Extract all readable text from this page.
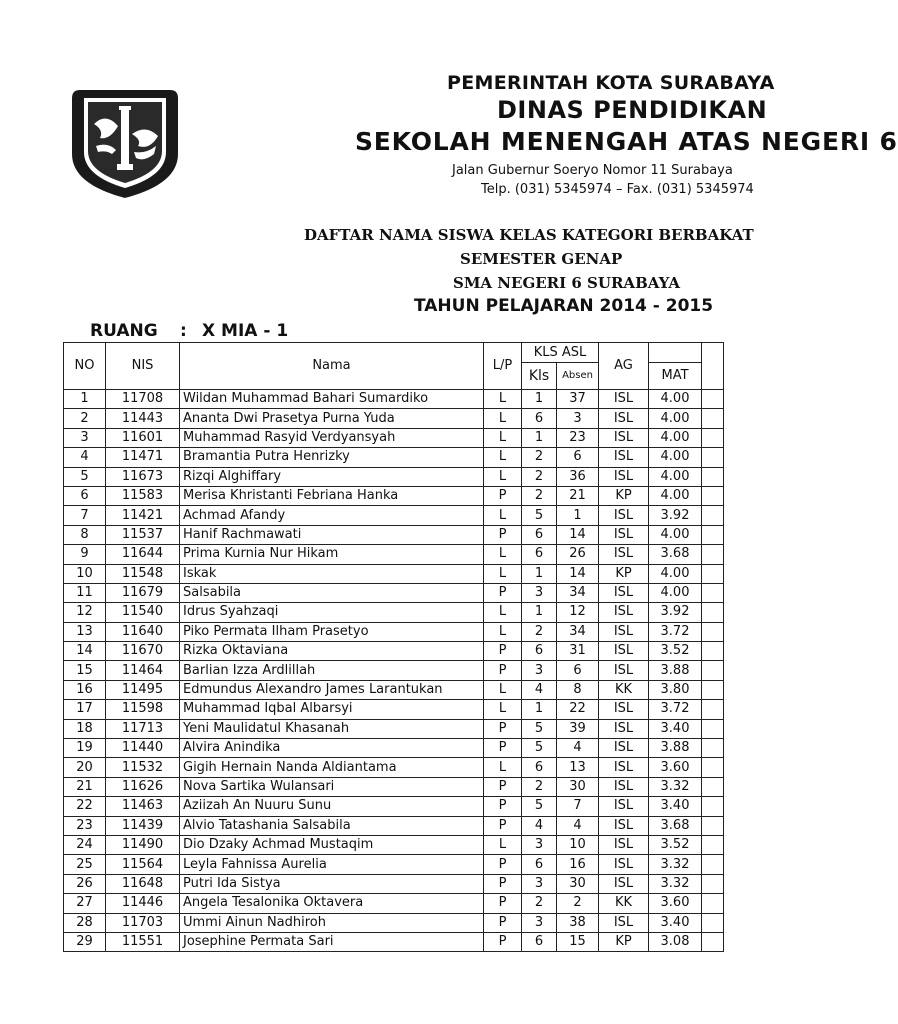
PEMERINTAH KOTA SURABAYA
DINAS PENDIDIKAN
SEKOLAH MENENGAH ATAS NEGERI 6
Jalan Gubernur Soeryo Nomor 11 Surabaya
Telp. (031) 5345974 – Fax. (031) 5345974
DAFTAR NAMA SISWA KELAS KATEGORI BERBAKAT
SEMESTER GENAP
SMA NEGERI 6 SURABAYA
TAHUN PELAJARAN 2014 - 2015
RUANG : X MIA - 1
NO	NIS	Nama	L/P	KLS ASL		AG		
				Kls	Absen		MAT	
1	11708	Wildan Muhammad Bahari Sumardiko	L	1	37	ISL	4.00	
2	11443	Ananta Dwi Prasetya Purna Yuda	L	6	3	ISL	4.00	
3	11601	Muhammad Rasyid Verdyansyah	L	1	23	ISL	4.00	
4	11471	Bramantia Putra Henrizky	L	2	6	ISL	4.00	
5	11673	Rizqi Alghiffary	L	2	36	ISL	4.00	
6	11583	Merisa Khristanti Febriana Hanka	P	2	21	KP	4.00	
7	11421	Achmad Afandy	L	5	1	ISL	3.92	
8	11537	Hanif Rachmawati	P	6	14	ISL	4.00	
9	11644	Prima Kurnia Nur Hikam	L	6	26	ISL	3.68	
10	11548	Iskak	L	1	14	KP	4.00	
11	11679	Salsabila	P	3	34	ISL	4.00	
12	11540	Idrus Syahzaqi	L	1	12	ISL	3.92	
13	11640	Piko Permata Ilham Prasetyo	L	2	34	ISL	3.72	
14	11670	Rizka Oktaviana	P	6	31	ISL	3.52	
15	11464	Barlian Izza Ardlillah	P	3	6	ISL	3.88	
16	11495	Edmundus Alexandro James Larantukan	L	4	8	KK	3.80	
17	11598	Muhammad Iqbal Albarsyi	L	1	22	ISL	3.72	
18	11713	Yeni Maulidatul Khasanah	P	5	39	ISL	3.40	
19	11440	Alvira Anindika	P	5	4	ISL	3.88	
20	11532	Gigih Hernain Nanda Aldiantama	L	6	13	ISL	3.60	
21	11626	Nova Sartika Wulansari	P	2	30	ISL	3.32	
22	11463	Aziizah An Nuuru Sunu	P	5	7	ISL	3.40	
23	11439	Alvio Tatashania Salsabila	P	4	4	ISL	3.68	
24	11490	Dio Dzaky Achmad Mustaqim	L	3	10	ISL	3.52	
25	11564	Leyla Fahnissa Aurelia	P	6	16	ISL	3.32	
26	11648	Putri Ida Sistya	P	3	30	ISL	3.32	
27	11446	Angela Tesalonika Oktavera	P	2	2	KK	3.60	
28	11703	Ummi Ainun Nadhiroh	P	3	38	ISL	3.40	
29	11551	Josephine Permata Sari	P	6	15	KP	3.08	
